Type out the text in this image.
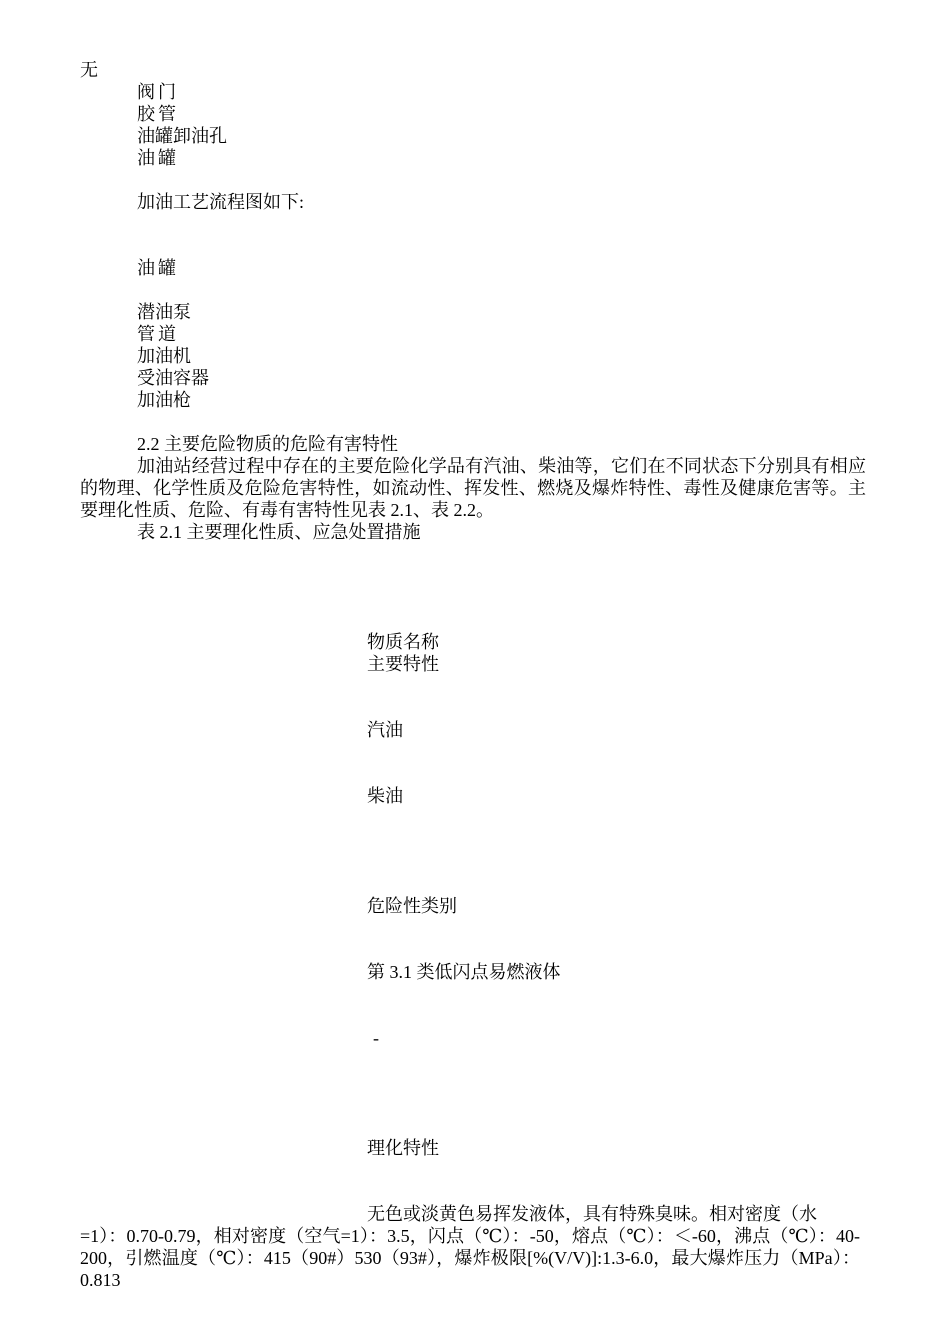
无
阀门
胶管
油罐卸油孔
油罐
加油工艺流程图如下:
油罐
潜油泵
管道
加油机
受油容器
加油枪
2.2 主要危险物质的危险有害特性
加油站经营过程中存在的主要危险化学品有汽油、柴油等，它们在不同状态下分别具有相应的物理、化学性质及危险危害特性，如流动性、挥发性、燃烧及爆炸特性、毒性及健康危害等。主要理化性质、危险、有毒有害特性见表 2.1、表 2.2。
表 2.1 主要理化性质、应急处置措施
物质名称
主要特性
汽油
柴油
危险性类别
第 3.1 类低闪点易燃液体
-
理化特性
无色或淡黄色易挥发液体，具有特殊臭味。相对密度（水
=1）：0.70-0.79，相对密度（空气=1）：3.5，闪点（℃）：-50，熔点（℃）：＜-60，沸点（℃）：40-200，引燃温度（℃）：415（90#）530（93#），爆炸极限[%(V/V)]:1.3-6.0，最大爆炸压力（MPa）：0.813
